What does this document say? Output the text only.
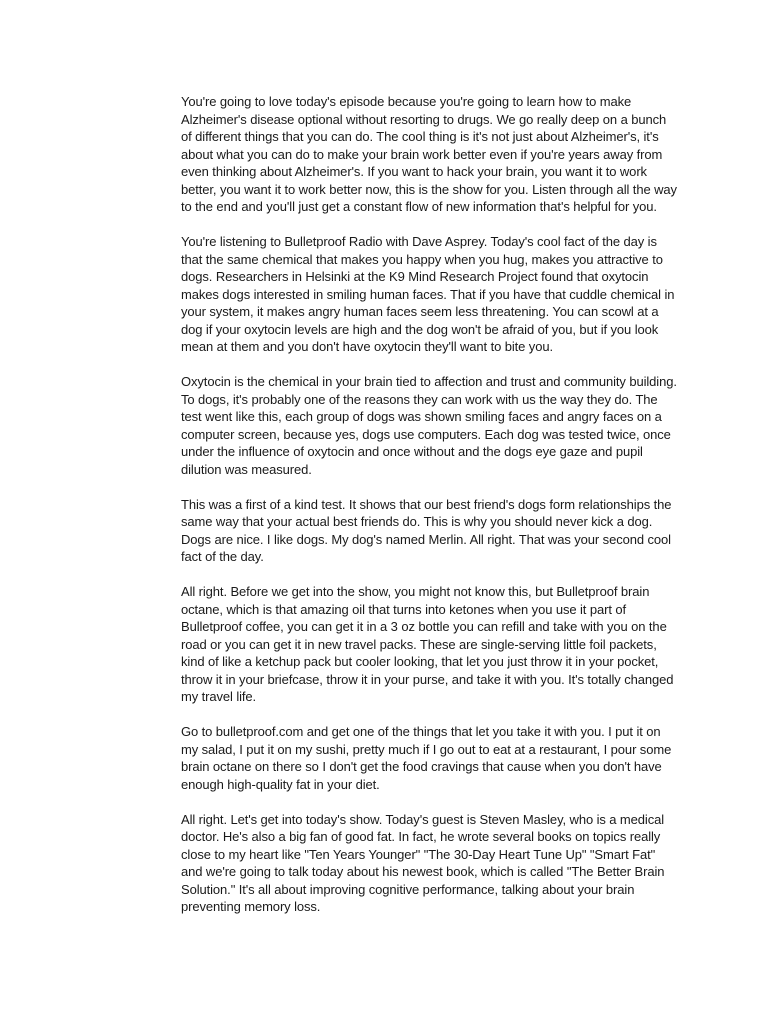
You're going to love today's episode because you're going to learn how to make Alzheimer's disease optional without resorting to drugs. We go really deep on a bunch of different things that you can do. The cool thing is it's not just about Alzheimer's, it's about what you can do to make your brain work better even if you're years away from even thinking about Alzheimer's. If you want to hack your brain, you want it to work better, you want it to work better now, this is the show for you. Listen through all the way to the end and you'll just get a constant flow of new information that's helpful for you.

You're listening to Bulletproof Radio with Dave Asprey. Today's cool fact of the day is that the same chemical that makes you happy when you hug, makes you attractive to dogs. Researchers in Helsinki at the K9 Mind Research Project found that oxytocin makes dogs interested in smiling human faces. That if you have that cuddle chemical in your system, it makes angry human faces seem less threatening. You can scowl at a dog if your oxytocin levels are high and the dog won't be afraid of you, but if you look mean at them and you don't have oxytocin they'll want to bite you.

Oxytocin is the chemical in your brain tied to affection and trust and community building. To dogs, it's probably one of the reasons they can work with us the way they do. The test went like this, each group of dogs was shown smiling faces and angry faces on a computer screen, because yes, dogs use computers. Each dog was tested twice, once under the influence of oxytocin and once without and the dogs eye gaze and pupil dilution was measured.

This was a first of a kind test. It shows that our best friend's dogs form relationships the same way that your actual best friends do. This is why you should never kick a dog. Dogs are nice. I like dogs. My dog's named Merlin. All right. That was your second cool fact of the day.

All right. Before we get into the show, you might not know this, but Bulletproof brain octane, which is that amazing oil that turns into ketones when you use it part of Bulletproof coffee, you can get it in a 3 oz bottle you can refill and take with you on the road or you can get it in new travel packs. These are single-serving little foil packets, kind of like a ketchup pack but cooler looking, that let you just throw it in your pocket, throw it in your briefcase, throw it in your purse, and take it with you. It's totally changed my travel life.

Go to bulletproof.com and get one of the things that let you take it with you. I put it on my salad, I put it on my sushi, pretty much if I go out to eat at a restaurant, I pour some brain octane on there so I don't get the food cravings that cause when you don't have enough high-quality fat in your diet.

All right. Let's get into today's show. Today's guest is Steven Masley, who is a medical doctor. He's also a big fan of good fat. In fact, he wrote several books on topics really close to my heart like "Ten Years Younger" "The 30-Day Heart Tune Up" "Smart Fat" and we're going to talk today about his newest book, which is called "The Better Brain Solution." It's all about improving cognitive performance, talking about your brain preventing memory loss.
